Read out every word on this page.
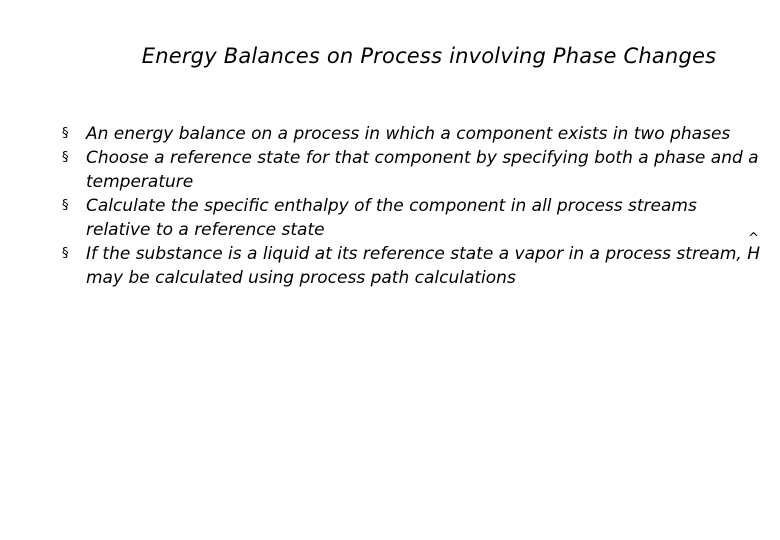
Energy Balances on Process involving Phase Changes
§	An energy balance on a process in which a component exists in two phases
§	Choose a reference state for that component by specifying both a phase and a temperature
§	Calculate the specific enthalpy of the component in all process streams relative to a reference state
§	If the substance is a liquid at its reference state a vapor in a process stream, H
^
may be calculated using process path calculations
